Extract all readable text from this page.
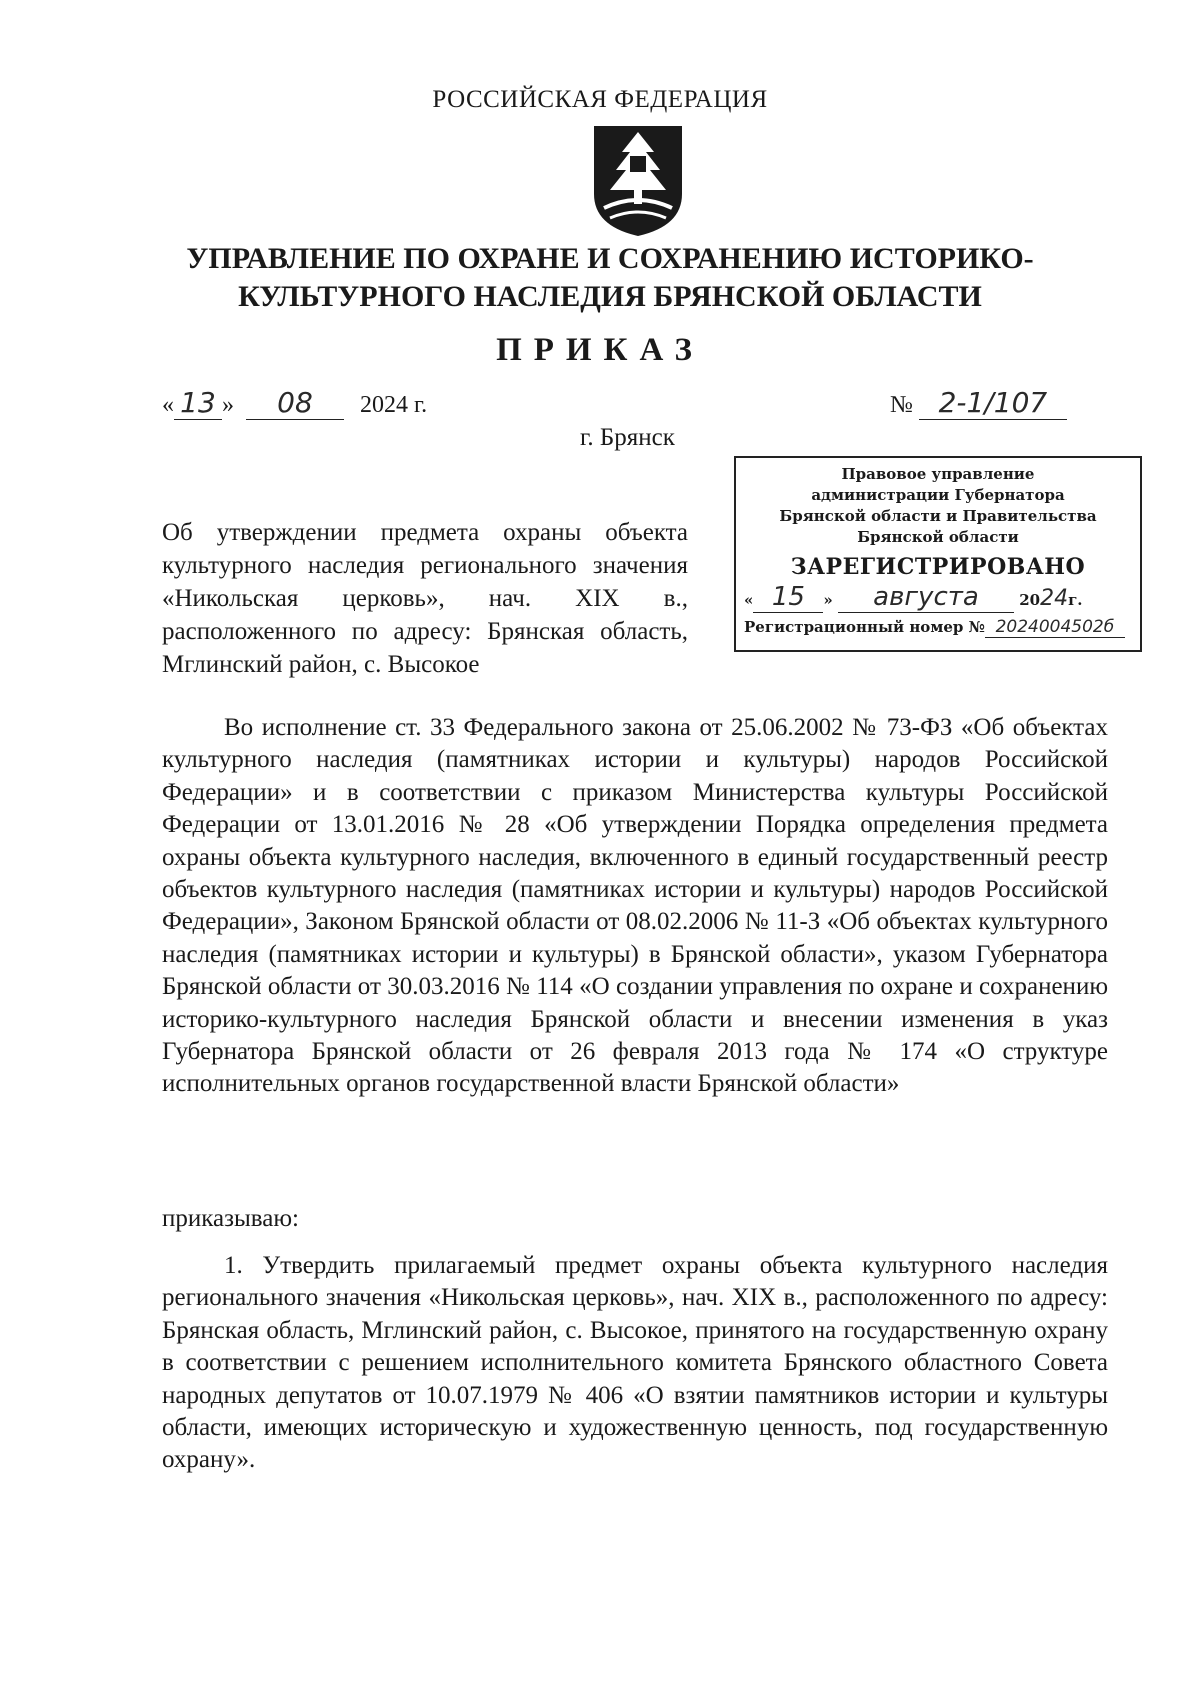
РОССИЙСКАЯ ФЕДЕРАЦИЯ
УПРАВЛЕНИЕ ПО ОХРАНЕ И СОХРАНЕНИЮ ИСТОРИКО-
КУЛЬТУРНОГО НАСЛЕДИЯ БРЯНСКОЙ ОБЛАСТИ
ПРИКАЗ
« 13 » 08 2024 г.	№ 2-1/107
г. Брянск
Правовое управление
администрации Губернатора
Брянской области и Правительства
Брянской области
ЗАРЕГИСТРИРОВАНО
« 15 » августа	2024г.
Регистрационный номер № 2024004502б
Об утверждении предмета охраны объекта культурного наследия регионального значения «Никольская церковь», нач. XIX в., расположенного по адресу: Брянская область, Мглинский район, с. Высокое
Во исполнение ст. 33 Федерального закона от 25.06.2002 № 73-ФЗ «Об объектах культурного наследия (памятниках истории и культуры) народов Российской Федерации» и в соответствии с приказом Министерства культуры Российской Федерации от 13.01.2016 № 28 «Об утверждении Порядка определения предмета охраны объекта культурного наследия, включенного в единый государственный реестр объектов культурного наследия (памятниках истории и культуры) народов Российской Федерации», Законом Брянской области от 08.02.2006 № 11-З «Об объектах культурного наследия (памятниках истории и культуры) в Брянской области», указом Губернатора Брянской области от 30.03.2016 № 114 «О создании управления по охране и сохранению историко-культурного наследия Брянской области и внесении изменения в указ Губернатора Брянской области от 26 февраля 2013 года № 174 «О структуре исполнительных органов государственной власти Брянской области»
приказываю:
1. Утвердить прилагаемый предмет охраны объекта культурного наследия регионального значения «Никольская церковь», нач. XIX в., расположенного по адресу: Брянская область, Мглинский район, с. Высокое, принятого на государственную охрану в соответствии с решением исполнительного комитета Брянского областного Совета народных депутатов от 10.07.1979 № 406 «О взятии памятников истории и культуры области, имеющих историческую и художественную ценность, под государственную охрану».
